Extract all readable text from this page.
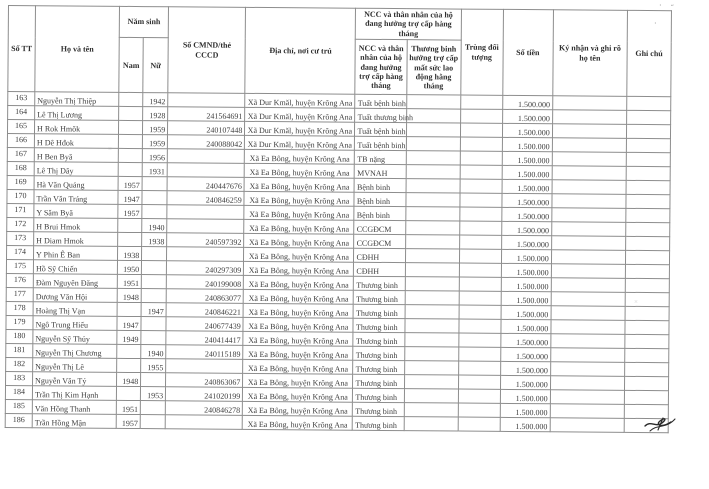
Số TT	Họ và tên	Năm sinh		Số CMND/thẻ CCCD	Địa chỉ, nơi cư trú	NCC và thân nhân của hộ đang hưởng trợ cấp hàng tháng		Trùng đối tượng	Số tiền	Ký nhận và ghi rõ họ tên	Ghi chú
		Nam	Nữ			NCC và thân nhân của hộ đang hưởng trợ cấp hàng tháng	Thương binh hưởng trợ cấp mất sức lao động hằng tháng				
163	Nguyễn Thị Thiệp		1942		Xã Dur Kmăl, huyện Krông Ana	Tuất bệnh binh			1.500.000		
164	Lê Thị Lương		1928	241564691	Xã Dur Kmăl, huyện Krông Ana	Tuất thương binh			1.500.000		
165	H Rok Hmŏk		1959	240107448	Xã Dur Kmăl, huyện Krông Ana	Tuất bệnh binh			1.500.000		
166	H Dê Hđok		1959	240088042	Xã Dur Kmăl, huyện Krông Ana	Tuất bệnh binh			1.500.000		
167	H Ben Byă		1956		Xã Ea Bông, huyện Krông Ana	TB nặng			1.500.000		
168	Lê Thị Dây		1931		Xã Ea Bông, huyện Krông Ana	MVNAH			1.500.000		
169	Hà Văn Quảng	1957		240447676	Xã Ea Bông, huyện Krông Ana	Bệnh binh			1.500.000		
170	Trần Văn Tráng	1947		240846259	Xã Ea Bông, huyện Krông Ana	Bệnh binh			1.500.000		
171	Y Săm Byă	1957			Xã Ea Bông, huyện Krông Ana	Bệnh binh			1.500.000		
172	H Brui Hmok		1940		Xã Ea Bông, huyện Krông Ana	CCGĐCM			1.500.000		
173	H Diam Hmok		1938	240597392	Xã Ea Bông, huyện Krông Ana	CCGĐCM			1.500.000		
174	Y Phin Ê Ban	1938			Xã Ea Bông, huyện Krông Ana	CĐHH			1.500.000		
175	Hồ Sỹ Chiến	1950		240297309	Xã Ea Bông, huyện Krông Ana	CĐHH			1.500.000		
176	Đàm Nguyên Đăng	1951		240199008	Xã Ea Bông, huyện Krông Ana	Thương binh			1.500.000		
177	Dương Văn Hội	1948		240863077	Xã Ea Bông, huyện Krông Ana	Thương binh			1.500.000		
178	Hoàng Thị Vạn		1947	240846221	Xã Ea Bông, huyện Krông Ana	Thương binh			1.500.000		
179	Ngô Trung Hiếu	1947		240677439	Xã Ea Bông, huyện Krông Ana	Thương binh			1.500.000		
180	Nguyễn Sỹ Thủy	1949		240414417	Xã Ea Bông, huyện Krông Ana	Thương binh			1.500.000		
181	Nguyễn Thị Chương		1940	240115189	Xã Ea Bông, huyện Krông Ana	Thương binh			1.500.000		
182	Nguyễn Thị Lê		1955		Xã Ea Bông, huyện Krông Ana	Thương binh			1.500.000		
183	Nguyễn Văn Tý	1948		240863067	Xã Ea Bông, huyện Krông Ana	Thương binh			1.500.000		
184	Trần Thị Kim Hạnh		1953	241020199	Xã Ea Bông, huyện Krông Ana	Thương binh			1.500.000		
185	Văn Hồng Thanh	1951		240846278	Xã Ea Bông, huyện Krông Ana	Thương binh			1.500.000		
186	Trần Hồng Mận	1957			Xã Ea Bông, huyện Krông Ana	Thương binh			1.500.000		
· ˶
·
×
×
